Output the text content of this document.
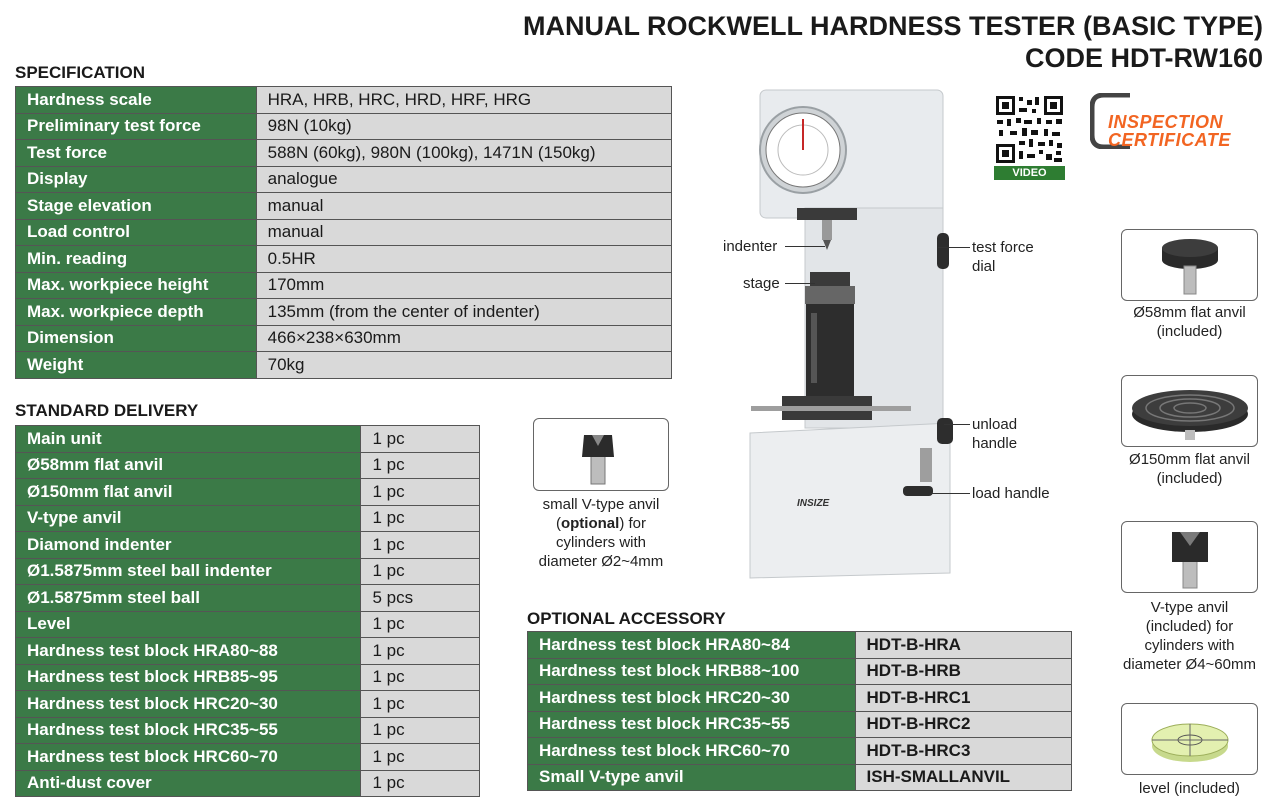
MANUAL ROCKWELL HARDNESS TESTER (BASIC TYPE)
CODE HDT-RW160
SPECIFICATION
Hardness scale	HRA, HRB, HRC, HRD, HRF, HRG
Preliminary test force	98N (10kg)
Test force	588N (60kg), 980N (100kg), 1471N (150kg)
Display	analogue
Stage elevation	manual
Load control	manual
Min. reading	0.5HR
Max. workpiece height	170mm
Max. workpiece depth	135mm (from the center of indenter)
Dimension	466×238×630mm
Weight	70kg
STANDARD DELIVERY
Main unit	1 pc
Ø58mm flat anvil	1 pc
Ø150mm flat anvil	1 pc
V-type anvil	1 pc
Diamond indenter	1 pc
Ø1.5875mm steel ball indenter	1 pc
Ø1.5875mm steel ball	5 pcs
Level	1 pc
Hardness test block HRA80~88	1 pc
Hardness test block HRB85~95	1 pc
Hardness test block HRC20~30	1 pc
Hardness test block HRC35~55	1 pc
Hardness test block HRC60~70	1 pc
Anti-dust cover	1 pc
OPTIONAL ACCESSORY
Hardness test block HRA80~84	HDT-B-HRA
Hardness test block HRB88~100	HDT-B-HRB
Hardness test block HRC20~30	HDT-B-HRC1
Hardness test block HRC35~55	HDT-B-HRC2
Hardness test block HRC60~70	HDT-B-HRC3
Small V-type anvil	ISH-SMALLANVIL
small V-type anvil
(optional) for
cylinders with
diameter Ø2~4mm
INSIZE
indenter
stage
test force
dial
unload
handle
load handle
VIDEO
INSPECTION
CERTIFICATE
Ø58mm flat anvil
(included)
Ø150mm flat anvil
(included)
V-type anvil
(included) for
cylinders with
diameter Ø4~60mm
level (included)
